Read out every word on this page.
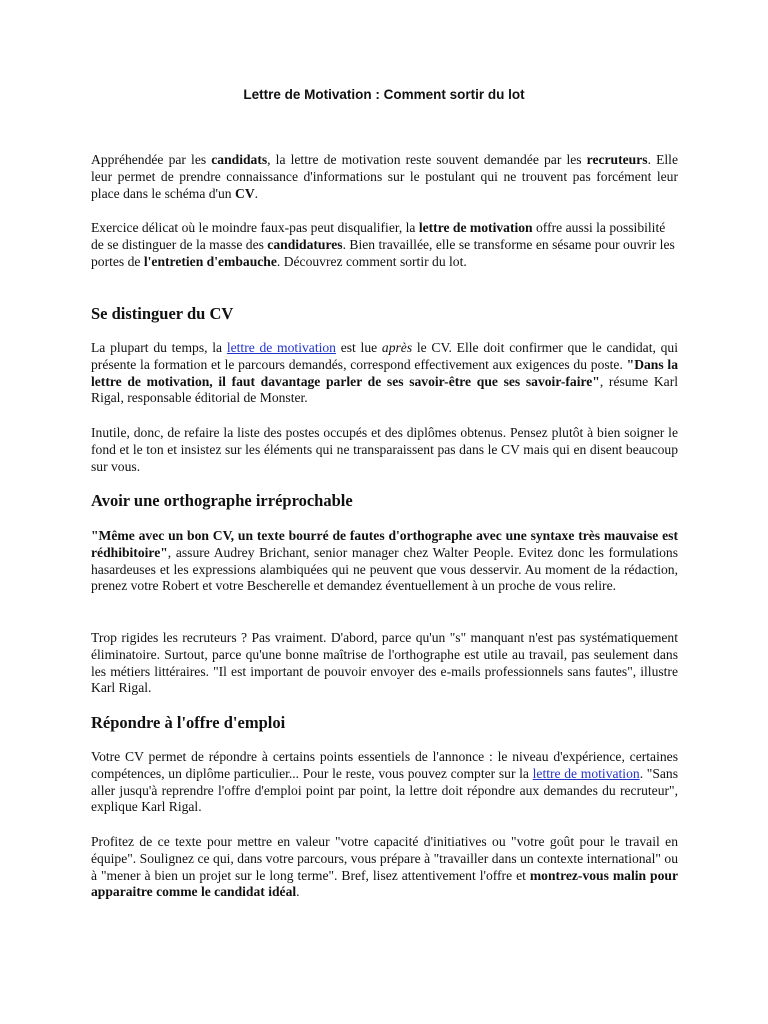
Lettre de Motivation : Comment sortir du lot

Appréhendée par les candidats, la lettre de motivation reste souvent demandée par les recruteurs. Elle leur permet de prendre connaissance d'informations sur le postulant qui ne trouvent pas forcément leur place dans le schéma d'un CV.

Exercice délicat où le moindre faux-pas peut disqualifier, la lettre de motivation offre aussi la possibilité de se distinguer de la masse des candidatures. Bien travaillée, elle se transforme en sésame pour ouvrir les portes de l'entretien d'embauche. Découvrez comment sortir du lot.

Se distinguer du CV

La plupart du temps, la lettre de motivation est lue après le CV. Elle doit confirmer que le candidat, qui présente la formation et le parcours demandés, correspond effectivement aux exigences du poste. "Dans la lettre de motivation, il faut davantage parler de ses savoir-être que ses savoir-faire", résume Karl Rigal, responsable éditorial de Monster.

Inutile, donc, de refaire la liste des postes occupés et des diplômes obtenus. Pensez plutôt à bien soigner le fond et le ton et insistez sur les éléments qui ne transparaissent pas dans le CV mais qui en disent beaucoup sur vous.

Avoir une orthographe irréprochable

"Même avec un bon CV, un texte bourré de fautes d'orthographe avec une syntaxe très mauvaise est rédhibitoire", assure Audrey Brichant, senior manager chez Walter People. Evitez donc les formulations hasardeuses et les expressions alambiquées qui ne peuvent que vous desservir. Au moment de la rédaction, prenez votre Robert et votre Bescherelle et demandez éventuellement à un proche de vous relire.

Trop rigides les recruteurs ? Pas vraiment. D'abord, parce qu'un "s" manquant n'est pas systématiquement éliminatoire. Surtout, parce qu'une bonne maîtrise de l'orthographe est utile au travail, pas seulement dans les métiers littéraires. "Il est important de pouvoir envoyer des e-mails professionnels sans fautes", illustre Karl Rigal.

Répondre à l'offre d'emploi

Votre CV permet de répondre à certains points essentiels de l'annonce : le niveau d'expérience, certaines compétences, un diplôme particulier... Pour le reste, vous pouvez compter sur la lettre de motivation. "Sans aller jusqu'à reprendre l'offre d'emploi point par point, la lettre doit répondre aux demandes du recruteur", explique Karl Rigal.

Profitez de ce texte pour mettre en valeur "votre capacité d'initiatives ou "votre goût pour le travail en équipe". Soulignez ce qui, dans votre parcours, vous prépare à "travailler dans un contexte international" ou à "mener à bien un projet sur le long terme". Bref, lisez attentivement l'offre et montrez-vous malin pour apparaitre comme le candidat idéal.
